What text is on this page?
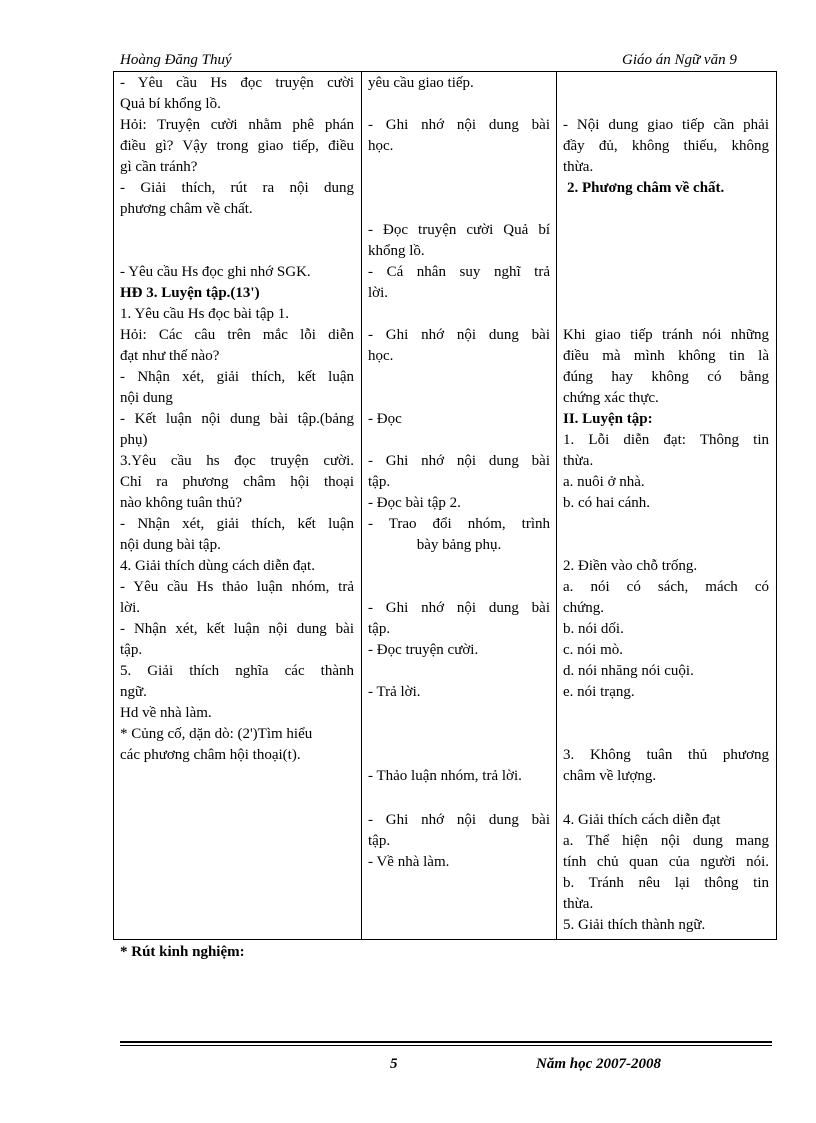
Hoàng Đăng Thuý	Giáo án Ngữ văn 9
- Yêu cầu Hs đọc truyện cười
Quả bí khổng lồ.
Hỏi: Truyện cười nhằm phê phán
điều gì? Vậy trong giao tiếp, điều
gì cần tránh?
- Giải thích, rút ra nội dung
phương châm về chất.
- Yêu cầu Hs đọc ghi nhớ SGK.
HĐ 3. Luyện tập.(13')
1. Yêu cầu Hs đọc bài tập 1.
Hỏi: Các câu trên mắc lỗi diễn
đạt như thế nào?
- Nhận xét, giải thích, kết luận
nội dung
- Kết luận nội dung bài tập.(bảng
phụ)
3.Yêu cầu hs đọc truyện cười.
Chỉ ra phương châm hội thoại
nào không tuân thủ?
- Nhận xét, giải thích, kết luận
nội dung bài tập.
4. Giải thích dùng cách diễn đạt.
- Yêu cầu Hs thảo luận nhóm, trả
lời.
- Nhận xét, kết luận nội dung bài
tập.
5. Giải thích nghĩa các thành
ngữ.
Hd về nhà làm.
* Củng cố, dặn dò: (2')Tìm hiểu
các phương châm hội thoại(t).
yêu cầu giao tiếp.
- Ghi nhớ nội dung bài
học.
- Đọc truyện cười Quả bí
khổng lồ.
- Cá nhân suy nghĩ trả
lời.
- Ghi nhớ nội dung bài
học.
- Đọc
- Ghi nhớ nội dung bài
tập.
- Đọc bài tập 2.
- Trao đổi nhóm, trình
bày bảng phụ.
- Ghi nhớ nội dung bài
tập.
- Đọc truyện cười.
- Trả lời.
- Thảo luận nhóm, trả lời.
- Ghi nhớ nội dung bài
tập.
- Về nhà làm.
- Nội dung giao tiếp cần phải
đầy đủ, không thiếu, không
thừa.
2. Phương châm về chất.
Khi giao tiếp tránh nói những
điều mà mình không tin là
đúng hay không có bằng
chứng xác thực.
II. Luyện tập:
1. Lỗi diễn đạt: Thông tin
thừa.
a. nuôi ở nhà.
b. có hai cánh.
2. Điền vào chỗ trống.
a. nói có sách, mách có
chứng.
b. nói dối.
c. nói mò.
d. nói nhăng nói cuội.
e. nói trạng.
3. Không tuân thủ phương
châm về lượng.
4. Giải thích cách diễn đạt
a. Thể hiện nội dung mang
tính chủ quan của người nói.
b. Tránh nêu lại thông tin
thừa.
5. Giải thích thành ngữ.
* Rút kinh nghiệm:
5	Năm học 2007-2008
